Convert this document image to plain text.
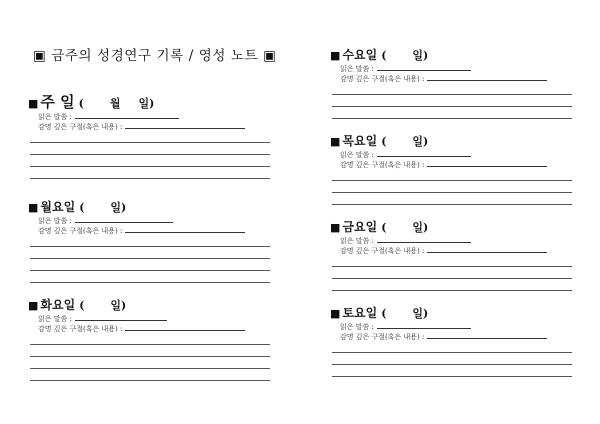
▣ 금주의 성경연구 기록 / 영성 노트 ▣
■ 주 일 ( 월 일)
읽은 말씀 :
감명 깊은 구절(혹은 내용) :
■ 월요일 ( 일)
읽은 말씀 :
감명 깊은 구절(혹은 내용) :
■ 화요일 ( 일)
읽은 말씀 :
감명 깊은 구절(혹은 내용) :
■ 수요일 ( 일)
읽은 말씀 :
감명 깊은 구절(혹은 내용) :
■ 목요일 ( 일)
읽은 말씀 :
감명 깊은 구절(혹은 내용) :
■ 금요일 ( 일)
읽은 말씀 :
감명 깊은 구절(혹은 내용) :
■ 토요일 ( 일)
읽은 말씀 :
감명 깊은 구절(혹은 내용) :
